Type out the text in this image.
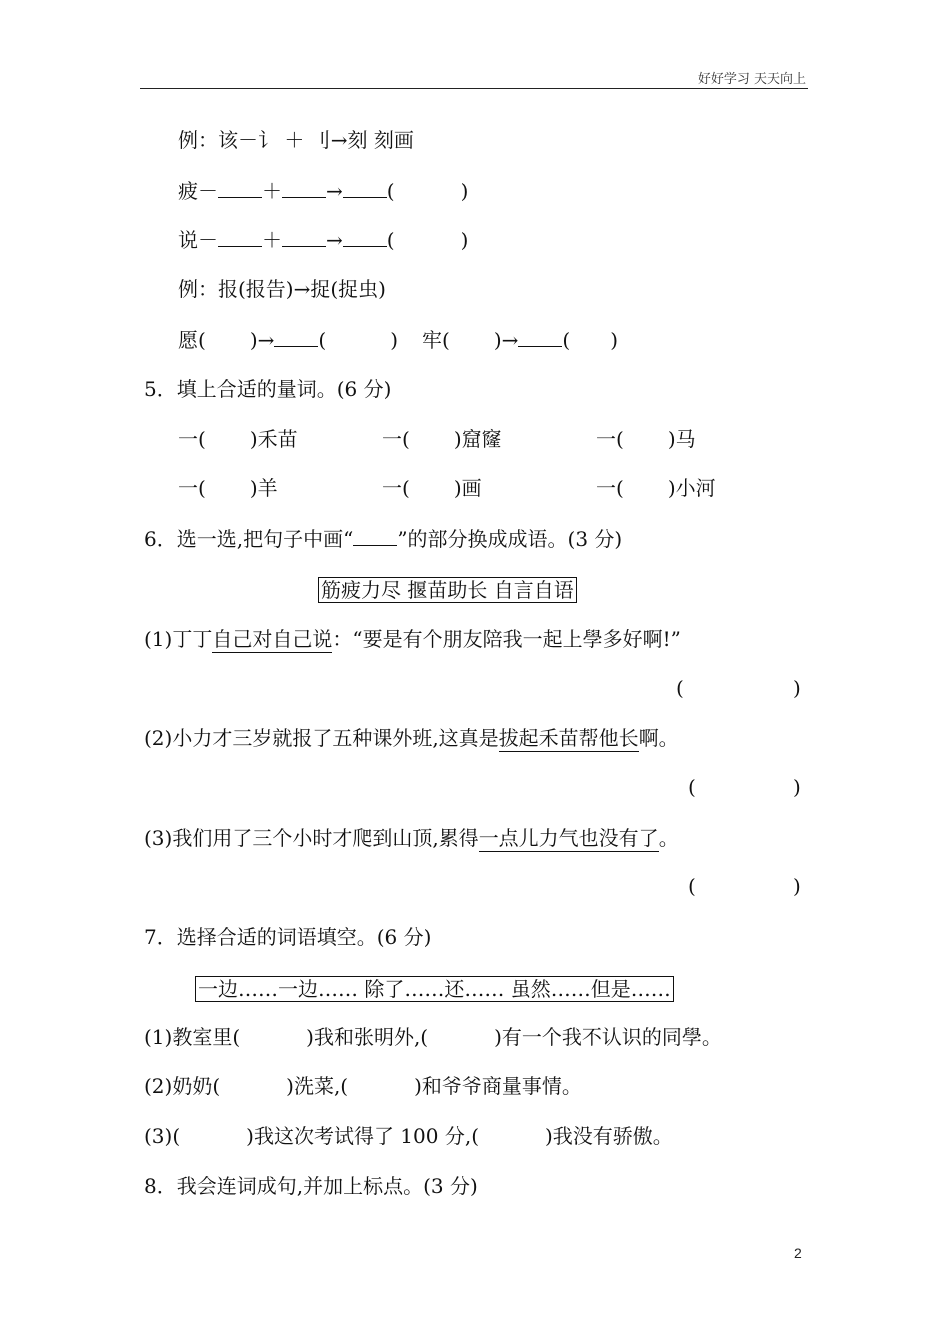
好好学习 天天向上
例：该－讠 ＋ 刂→刻 刻画
疲－ ＋ → (	)
说－ ＋ → (	)
例：报(报告)→捉(捉虫)
愿( )→ (	) 牢( )→ ( )
5．填上合适的量词。(6 分)
一( )禾苗	一( )窟窿	一( )马
一( )羊	一( )画	一( )小河
6．选一选,把句子中画“ ”的部分换成成语。(3 分)
筋疲力尽 揠苗助长 自言自语
(1)丁丁自己对自己说：“要是有个朋友陪我一起上學多好啊!”
(	)
(2)小力才三岁就报了五种课外班,这真是拔起禾苗帮他长啊。
(	)
(3)我们用了三个小时才爬到山顶,累得一点儿力气也没有了。
(	)
7．选择合适的词语填空。(6 分)
一边……一边…… 除了……还…… 虽然……但是……
(1)教室里(	)我和张明外,(	)有一个我不认识的同學。
(2)奶奶(	)洗菜,(	)和爷爷商量事情。
(3)(	)我这次考试得了 100 分,(	)我没有骄傲。
8．我会连词成句,并加上标点。(3 分)
2
